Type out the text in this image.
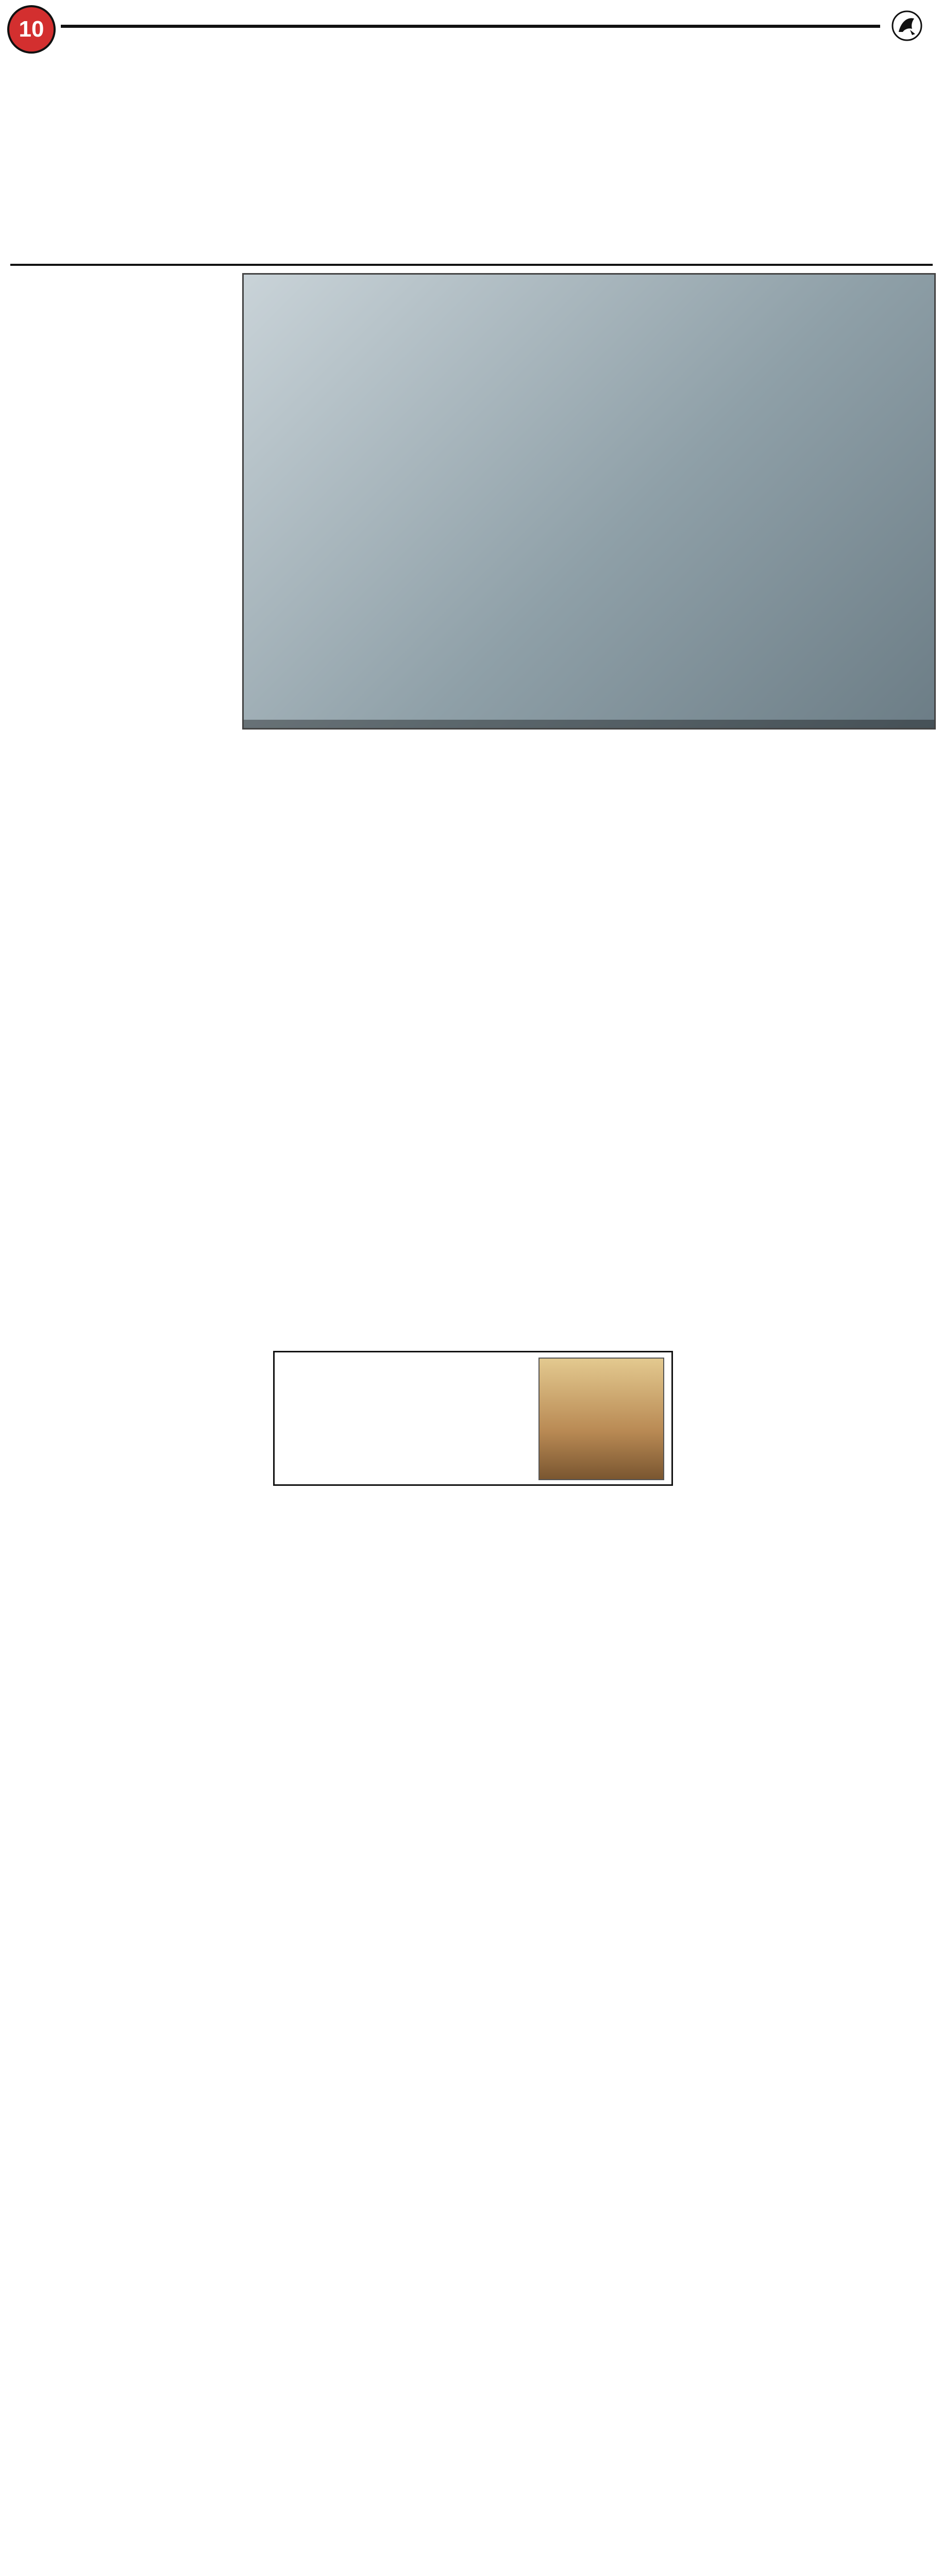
10
